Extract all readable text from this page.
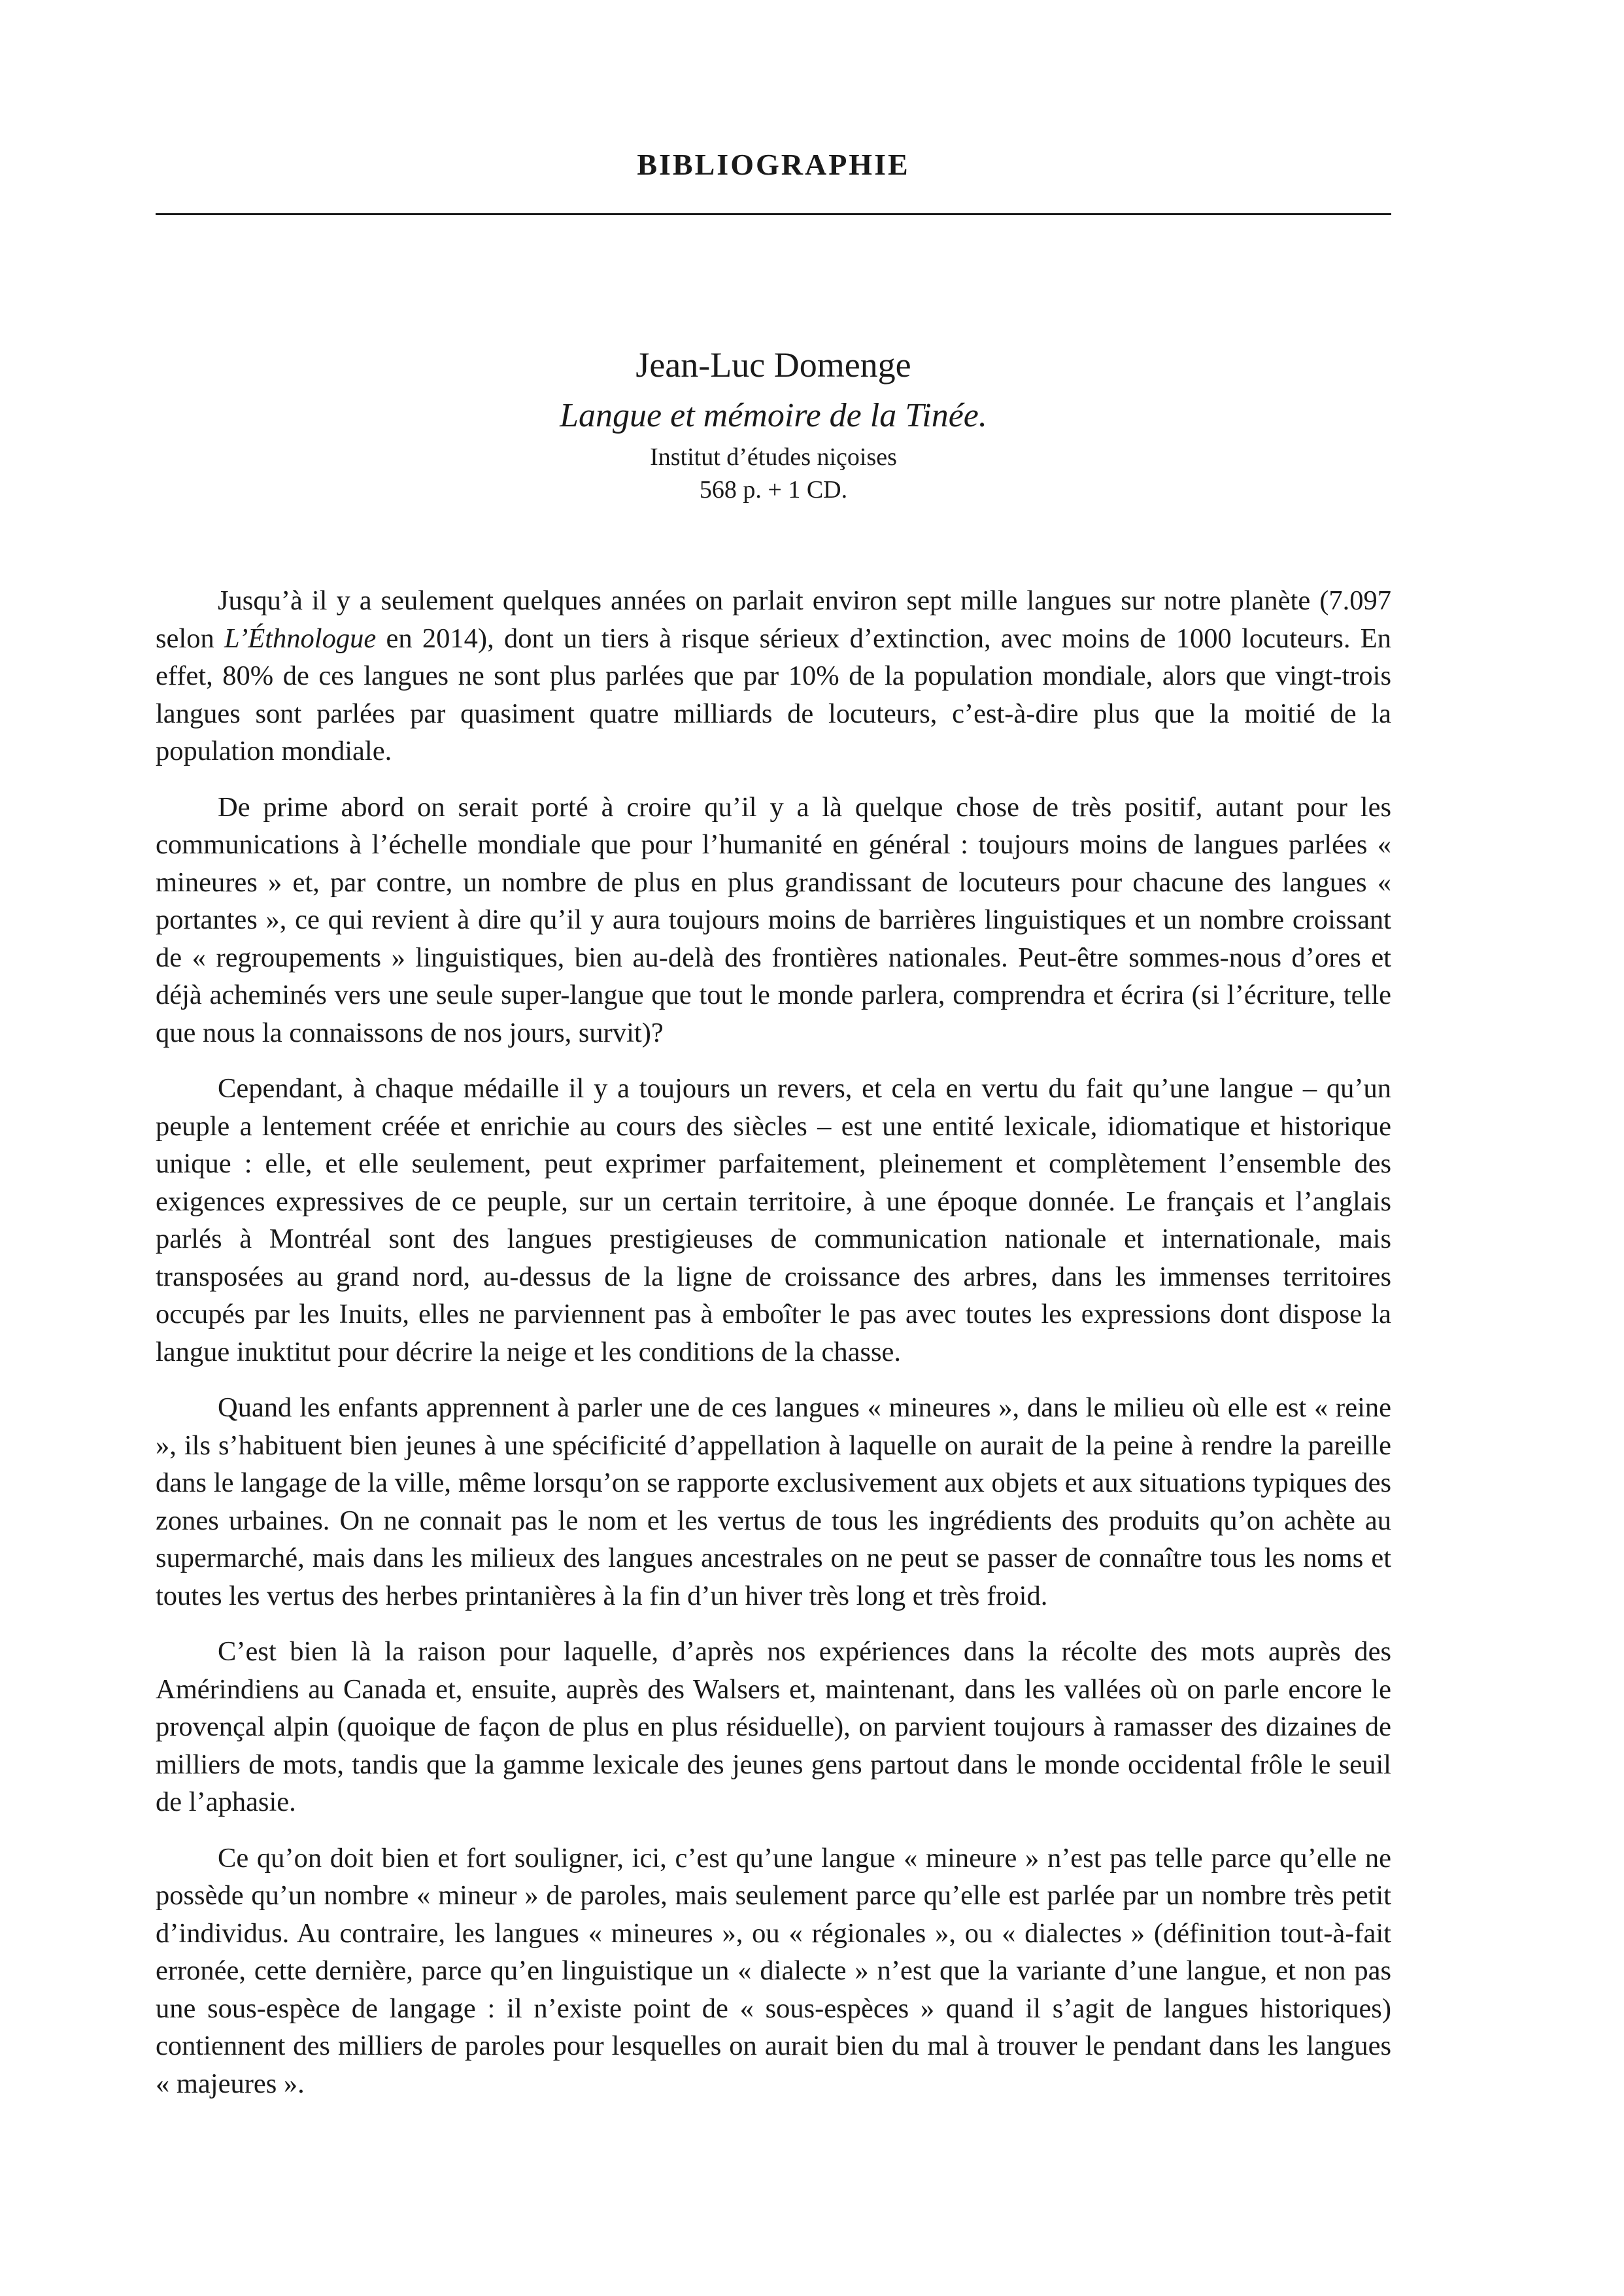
BIBLIOGRAPHIE
Jean-Luc Domenge
Langue et mémoire de la Tinée.
Institut d’études niçoises
568 p. + 1 CD.

Jusqu’à il y a seulement quelques années on parlait environ sept mille langues sur notre planète (7.097 selon L’Éthnologue en 2014), dont un tiers à risque sérieux d’extinction, avec moins de 1000 locuteurs. En effet, 80% de ces langues ne sont plus parlées que par 10% de la population mondiale, alors que vingt-trois langues sont parlées par quasiment quatre milliards de locuteurs, c’est-à-dire plus que la moitié de la population mondiale.

De prime abord on serait porté à croire qu’il y a là quelque chose de très positif, autant pour les communications à l’échelle mondiale que pour l’humanité en général : toujours moins de langues parlées « mineures » et, par contre, un nombre de plus en plus grandissant de locuteurs pour chacune des langues « portantes », ce qui revient à dire qu’il y aura toujours moins de barrières linguistiques et un nombre croissant de « regroupements » linguistiques, bien au-delà des frontières nationales. Peut-être sommes-nous d’ores et déjà acheminés vers une seule super-langue que tout le monde parlera, comprendra et écrira (si l’écriture, telle que nous la connaissons de nos jours, survit)?

Cependant, à chaque médaille il y a toujours un revers, et cela en vertu du fait qu’une langue – qu’un peuple a lentement créée et enrichie au cours des siècles – est une entité lexicale, idiomatique et historique unique : elle, et elle seulement, peut exprimer parfaitement, pleinement et complètement l’ensemble des exigences expressives de ce peuple, sur un certain territoire, à une époque donnée. Le français et l’anglais parlés à Montréal sont des langues prestigieuses de communication nationale et internationale, mais transposées au grand nord, au-dessus de la ligne de croissance des arbres, dans les immenses territoires occupés par les Inuits, elles ne parviennent pas à emboîter le pas avec toutes les expressions dont dispose la langue inuktitut pour décrire la neige et les conditions de la chasse.

Quand les enfants apprennent à parler une de ces langues « mineures », dans le milieu où elle est « reine », ils s’habituent bien jeunes à une spécificité d’appellation à laquelle on aurait de la peine à rendre la pareille dans le langage de la ville, même lorsqu’on se rapporte exclusivement aux objets et aux situations typiques des zones urbaines. On ne connait pas le nom et les vertus de tous les ingrédients des produits qu’on achète au supermarché, mais dans les milieux des langues ancestrales on ne peut se passer de connaître tous les noms et toutes les vertus des herbes printanières à la fin d’un hiver très long et très froid.

C’est bien là la raison pour laquelle, d’après nos expériences dans la récolte des mots auprès des Amérindiens au Canada et, ensuite, auprès des Walsers et, maintenant, dans les vallées où on parle encore le provençal alpin (quoique de façon de plus en plus résiduelle), on parvient toujours à ramasser des dizaines de milliers de mots, tandis que la gamme lexicale des jeunes gens partout dans le monde occidental frôle le seuil de l’aphasie.

Ce qu’on doit bien et fort souligner, ici, c’est qu’une langue « mineure » n’est pas telle parce qu’elle ne possède qu’un nombre « mineur » de paroles, mais seulement parce qu’elle est parlée par un nombre très petit d’individus. Au contraire, les langues « mineures », ou « régionales », ou « dialectes » (définition tout-à-fait erronée, cette dernière, parce qu’en linguistique un « dialecte » n’est que la variante d’une langue, et non pas une sous-espèce de langage : il n’existe point de « sous-espèces » quand il s’agit de langues historiques) contiennent des milliers de paroles pour lesquelles on aurait bien du mal à trouver le pendant dans les langues « majeures ».
